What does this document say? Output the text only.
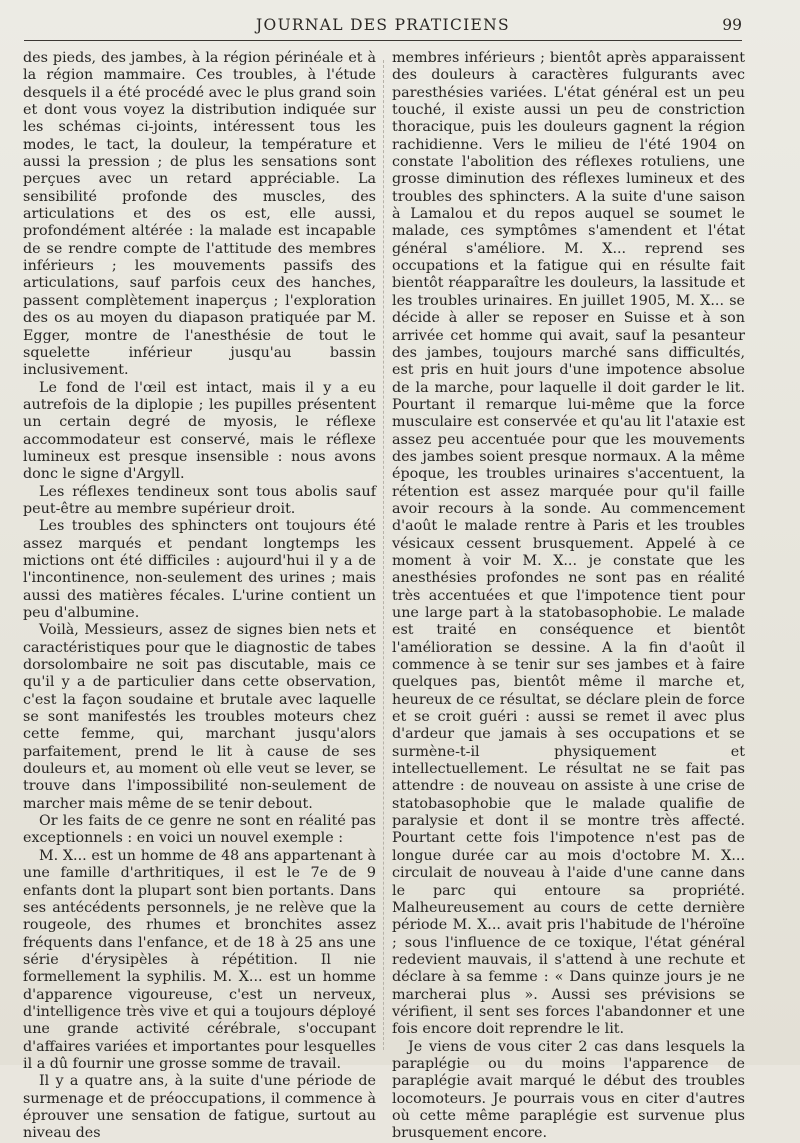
JOURNAL DES PRATICIENS	99

des pieds, des jambes, à la région périnéale et à la région mammaire. Ces troubles, à l'étude desquels il a été procédé avec le plus grand soin et dont vous voyez la distribution indiquée sur les schémas ci-joints, intéressent tous les modes, le tact, la douleur, la température et aussi la pression ; de plus les sensations sont perçues avec un retard appréciable. La sensibilité profonde des muscles, des articulations et des os est, elle aussi, profondément altérée : la malade est incapable de se rendre compte de l'attitude des membres inférieurs ; les mouvements passifs des articulations, sauf parfois ceux des hanches, passent complètement inaperçus ; l'exploration des os au moyen du diapason pratiquée par M. Egger, montre de l'anesthésie de tout le squelette inférieur jusqu'au bassin inclusivement.

Le fond de l'œil est intact, mais il y a eu autrefois de la diplopie ; les pupilles présentent un certain degré de myosis, le réflexe accommodateur est conservé, mais le réflexe lumineux est presque insensible : nous avons donc le signe d'Argyll.

Les réflexes tendineux sont tous abolis sauf peut-être au membre supérieur droit.

Les troubles des sphincters ont toujours été assez marqués et pendant longtemps les mictions ont été difficiles : aujourd'hui il y a de l'incontinence, non-seulement des urines ; mais aussi des matières fécales. L'urine contient un peu d'albumine.

Voilà, Messieurs, assez de signes bien nets et caractéristiques pour que le diagnostic de tabes dorsolombaire ne soit pas discutable, mais ce qu'il y a de particulier dans cette observation, c'est la façon soudaine et brutale avec laquelle se sont manifestés les troubles moteurs chez cette femme, qui, marchant jusqu'alors parfaitement, prend le lit à cause de ses douleurs et, au moment où elle veut se lever, se trouve dans l'impossibilité non-seulement de marcher mais même de se tenir debout.

Or les faits de ce genre ne sont en réalité pas exceptionnels : en voici un nouvel exemple :

M. X... est un homme de 48 ans appartenant à une famille d'arthritiques, il est le 7e de 9 enfants dont la plupart sont bien portants. Dans ses antécédents personnels, je ne relève que la rougeole, des rhumes et bronchites assez fréquents dans l'enfance, et de 18 à 25 ans une série d'érysipèles à répétition. Il nie formellement la syphilis. M. X... est un homme d'apparence vigoureuse, c'est un nerveux, d'intelligence très vive et qui a toujours déployé une grande activité cérébrale, s'occupant d'affaires variées et importantes pour lesquelles il a dû fournir une grosse somme de travail.

Il y a quatre ans, à la suite d'une période de surmenage et de préoccupations, il commence à éprouver une sensation de fatigue, surtout au niveau des

membres inférieurs ; bientôt après apparaissent des douleurs à caractères fulgurants avec paresthésies variées. L'état général est un peu touché, il existe aussi un peu de constriction thoracique, puis les douleurs gagnent la région rachidienne. Vers le milieu de l'été 1904 on constate l'abolition des réflexes rotuliens, une grosse diminution des réflexes lumineux et des troubles des sphincters. A la suite d'une saison à Lamalou et du repos auquel se soumet le malade, ces symptômes s'amendent et l'état général s'améliore. M. X... reprend ses occupations et la fatigue qui en résulte fait bientôt réapparaître les douleurs, la lassitude et les troubles urinaires. En juillet 1905, M. X... se décide à aller se reposer en Suisse et à son arrivée cet homme qui avait, sauf la pesanteur des jambes, toujours marché sans difficultés, est pris en huit jours d'une impotence absolue de la marche, pour laquelle il doit garder le lit. Pourtant il remarque lui-même que la force musculaire est conservée et qu'au lit l'ataxie est assez peu accentuée pour que les mouvements des jambes soient presque normaux. A la même époque, les troubles urinaires s'accentuent, la rétention est assez marquée pour qu'il faille avoir recours à la sonde. Au commencement d'août le malade rentre à Paris et les troubles vésicaux cessent brusquement. Appelé à ce moment à voir M. X... je constate que les anesthésies profondes ne sont pas en réalité très accentuées et que l'impotence tient pour une large part à la statobasophobie. Le malade est traité en conséquence et bientôt l'amélioration se dessine. A la fin d'août il commence à se tenir sur ses jambes et à faire quelques pas, bientôt même il marche et, heureux de ce résultat, se déclare plein de force et se croit guéri : aussi se remet il avec plus d'ardeur que jamais à ses occupations et se surmène-t-il physiquement et intellectuellement. Le résultat ne se fait pas attendre : de nouveau on assiste à une crise de statobasophobie que le malade qualifie de paralysie et dont il se montre très affecté. Pourtant cette fois l'impotence n'est pas de longue durée car au mois d'octobre M. X... circulait de nouveau à l'aide d'une canne dans le parc qui entoure sa propriété. Malheureusement au cours de cette dernière période M. X... avait pris l'habitude de l'héroïne ; sous l'influence de ce toxique, l'état général redevient mauvais, il s'attend à une rechute et déclare à sa femme : « Dans quinze jours je ne marcherai plus ». Aussi ses prévisions se vérifient, il sent ses forces l'abandonner et une fois encore doit reprendre le lit.

Je viens de vous citer 2 cas dans lesquels la paraplégie ou du moins l'apparence de paraplégie avait marqué le début des troubles locomoteurs. Je pourrais vous en citer d'autres où cette même paraplégie est survenue plus brusquement encore.
